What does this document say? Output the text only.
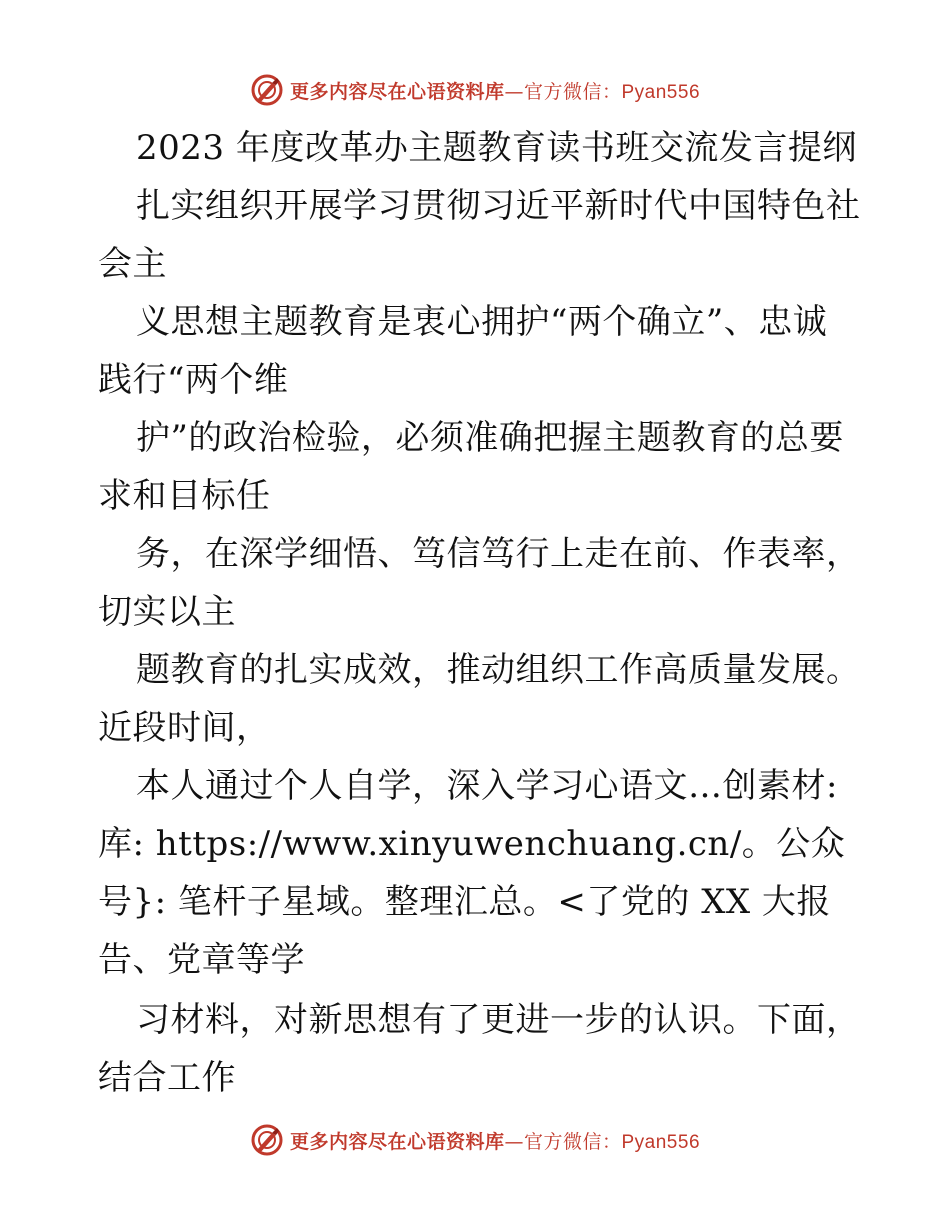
更多内容尽在心语资料库—官方微信：Pyan556
2023 年度改革办主题教育读书班交流发言提纲
扎实组织开展学习贯彻习近平新时代中国特色社
会主
义思想主题教育是衷心拥护“两个确立”、忠诚
践行“两个维
护”的政治检验，必须准确把握主题教育的总要
求和目标任
务，在深学细悟、笃信笃行上走在前、作表率，
切实以主
题教育的扎实成效，推动组织工作高质量发展。
近段时间，
本人通过个人自学，深入学习心语文…创素材:
库: https://www.xinyuwenchuang.cn/。公众
号}: 笔杆子星域。整理汇总。<了党的 XX 大报
告、党章等学
习材料，对新思想有了更进一步的认识。下面，
结合工作
更多内容尽在心语资料库—官方微信：Pyan556
